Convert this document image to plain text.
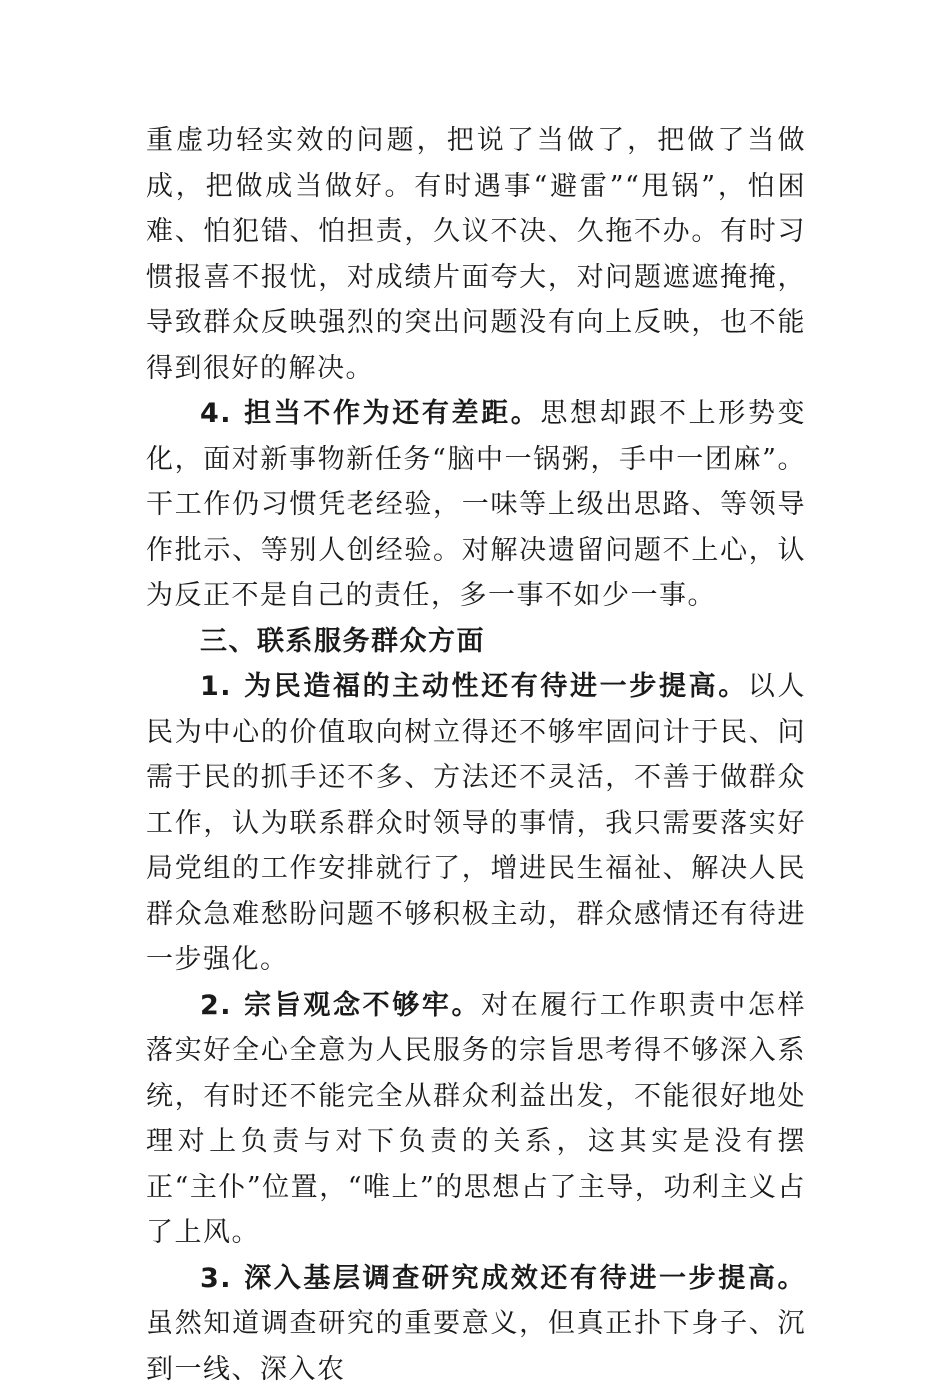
重虚功轻实效的问题，把说了当做了，把做了当做成，把做成当做好。有时遇事“避雷”“甩锅”，怕困难、怕犯错、怕担责，久议不决、久拖不办。有时习惯报喜不报忧，对成绩片面夸大，对问题遮遮掩掩，导致群众反映强烈的突出问题没有向上反映，也不能得到很好的解决。

4. 担当不作为还有差距。思想却跟不上形势变化，面对新事物新任务“脑中一锅粥，手中一团麻”。干工作仍习惯凭老经验，一味等上级出思路、等领导作批示、等别人创经验。对解决遗留问题不上心，认为反正不是自己的责任，多一事不如少一事。

三、联系服务群众方面

1. 为民造福的主动性还有待进一步提高。以人民为中心的价值取向树立得还不够牢固问计于民、问需于民的抓手还不多、方法还不灵活，不善于做群众工作，认为联系群众时领导的事情，我只需要落实好局党组的工作安排就行了，增进民生福祉、解决人民群众急难愁盼问题不够积极主动，群众感情还有待进一步强化。

2. 宗旨观念不够牢。对在履行工作职责中怎样落实好全心全意为人民服务的宗旨思考得不够深入系统，有时还不能完全从群众利益出发，不能很好地处理对上负责与对下负责的关系，这其实是没有摆正“主仆”位置，“唯上”的思想占了主导，功利主义占了上风。

3. 深入基层调查研究成效还有待进一步提高。虽然知道调查研究的重要意义，但真正扑下身子、沉到一线、深入农
